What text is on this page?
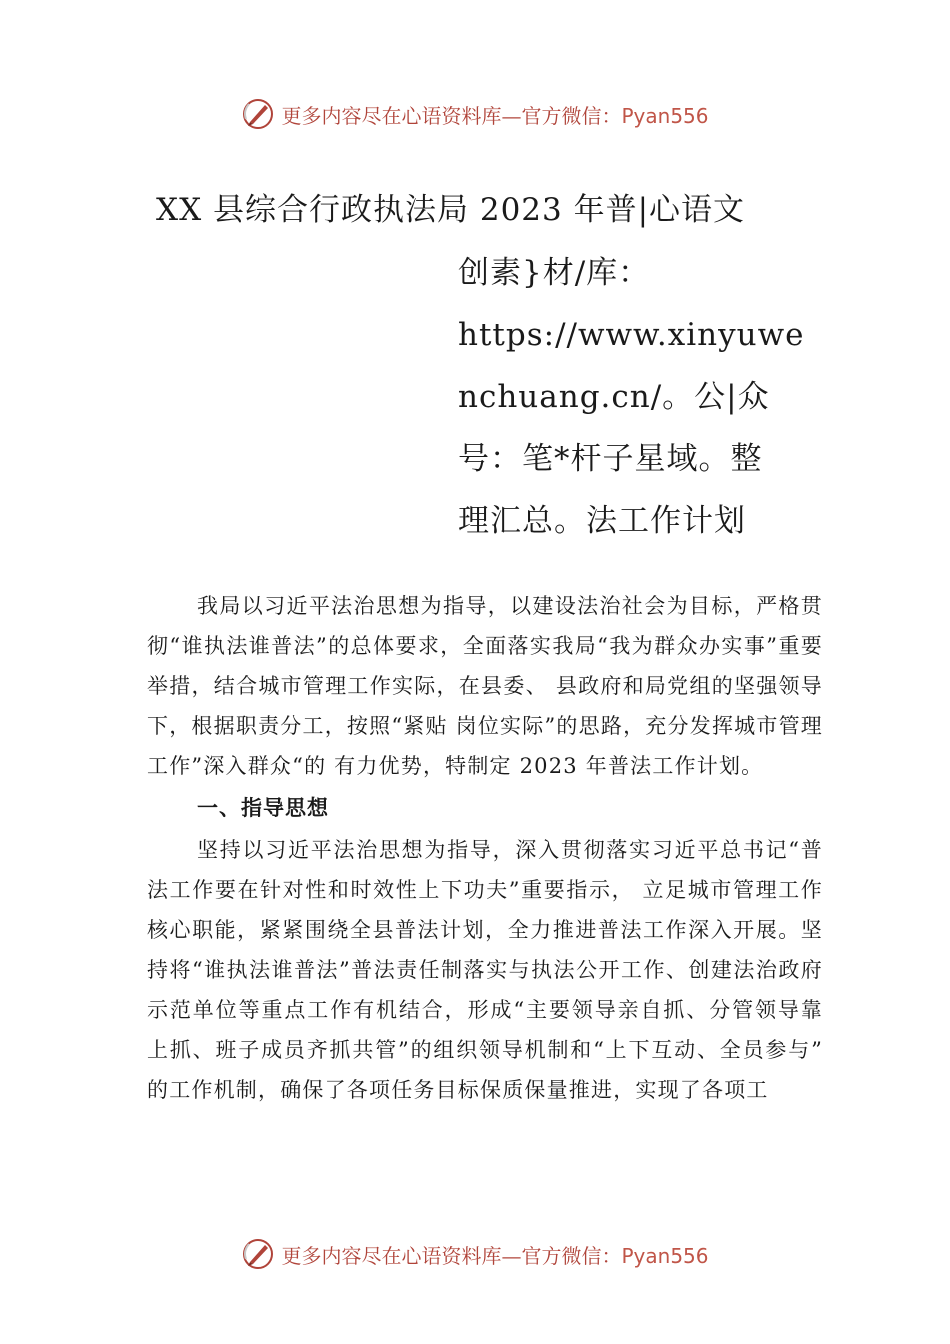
更多内容尽在心语资料库—官方微信：Pyan556
XX 县综合行政执法局 2023 年普|心语文
创素}材/库：
https://www.xinyuwe
nchuang.cn/。公|众
号：笔*杆子星域。整
理汇总。法工作计划

我局以习近平法治思想为指导，以建设法治社会为目标，严格贯彻“谁执法谁普法”的总体要求，全面落实我局“我为群众办实事”重要举措，结合城市管理工作实际，在县委、 县政府和局党组的坚强领导下，根据职责分工，按照“紧贴 岗位实际”的思路，充分发挥城市管理工作”深入群众“的 有力优势，特制定 2023 年普法工作计划。

一、指导思想

坚持以习近平法治思想为指导，深入贯彻落实习近平总书记“普法工作要在针对性和时效性上下功夫”重要指示， 立足城市管理工作核心职能，紧紧围绕全县普法计划，全力推进普法工作深入开展。坚持将“谁执法谁普法”普法责任制落实与执法公开工作、创建法治政府示范单位等重点工作有机结合，形成“主要领导亲自抓、分管领导靠上抓、班子成员齐抓共管”的组织领导机制和“上下互动、全员参与” 的工作机制，确保了各项任务目标保质保量推进，实现了各项工

更多内容尽在心语资料库—官方微信：Pyan556
